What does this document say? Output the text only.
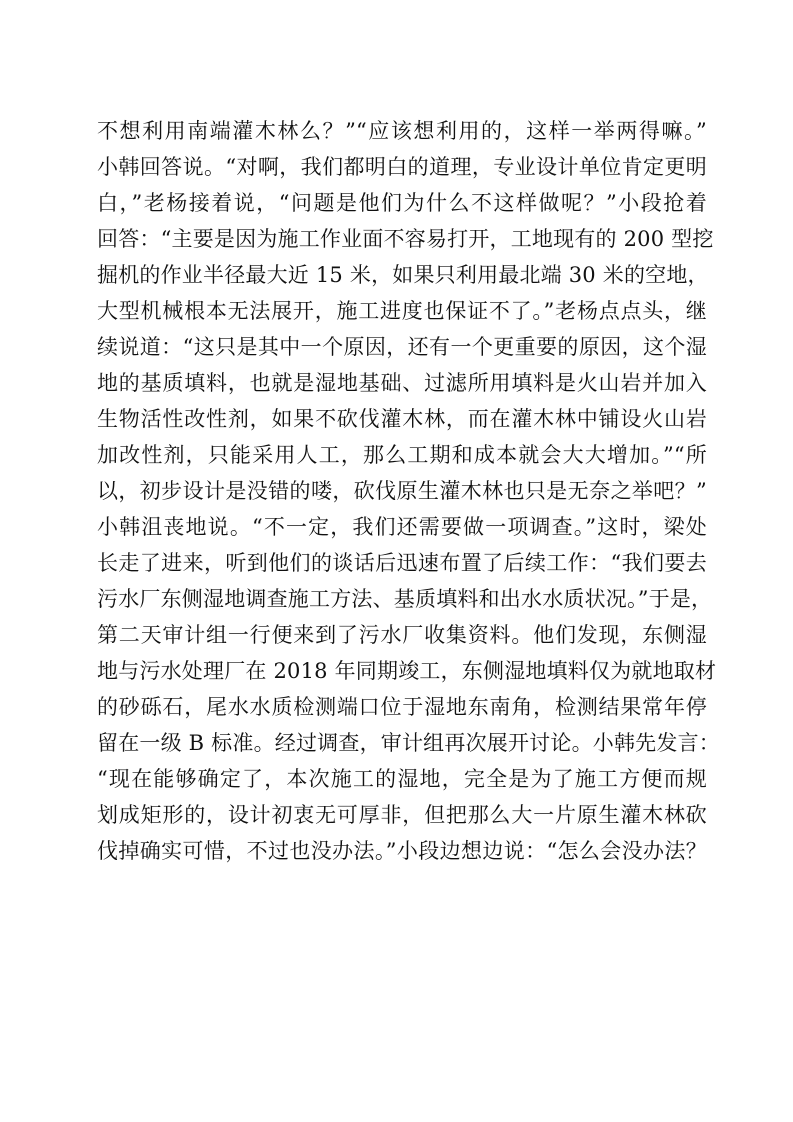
不想利用南端灌木林么？”“应该想利用的，这样一举两得嘛。”
小韩回答说。“对啊，我们都明白的道理，专业设计单位肯定更明
白，”老杨接着说，“问题是他们为什么不这样做呢？”小段抢着
回答：“主要是因为施工作业面不容易打开，工地现有的 200 型挖
掘机的作业半径最大近 15 米，如果只利用最北端 30 米的空地，
大型机械根本无法展开，施工进度也保证不了。”老杨点点头，继
续说道：“这只是其中一个原因，还有一个更重要的原因，这个湿
地的基质填料，也就是湿地基础、过滤所用填料是火山岩并加入
生物活性改性剂，如果不砍伐灌木林，而在灌木林中铺设火山岩
加改性剂，只能采用人工，那么工期和成本就会大大增加。”“所
以，初步设计是没错的喽，砍伐原生灌木林也只是无奈之举吧？”
小韩沮丧地说。“不一定，我们还需要做一项调查。”这时，梁处
长走了进来，听到他们的谈话后迅速布置了后续工作：“我们要去
污水厂东侧湿地调查施工方法、基质填料和出水水质状况。”于是，
第二天审计组一行便来到了污水厂收集资料。他们发现，东侧湿
地与污水处理厂在 2018 年同期竣工，东侧湿地填料仅为就地取材
的砂砾石，尾水水质检测端口位于湿地东南角，检测结果常年停
留在一级 B 标准。经过调查，审计组再次展开讨论。小韩先发言：
“现在能够确定了，本次施工的湿地，完全是为了施工方便而规
划成矩形的，设计初衷无可厚非，但把那么大一片原生灌木林砍
伐掉确实可惜，不过也没办法。”小段边想边说：“怎么会没办法？
